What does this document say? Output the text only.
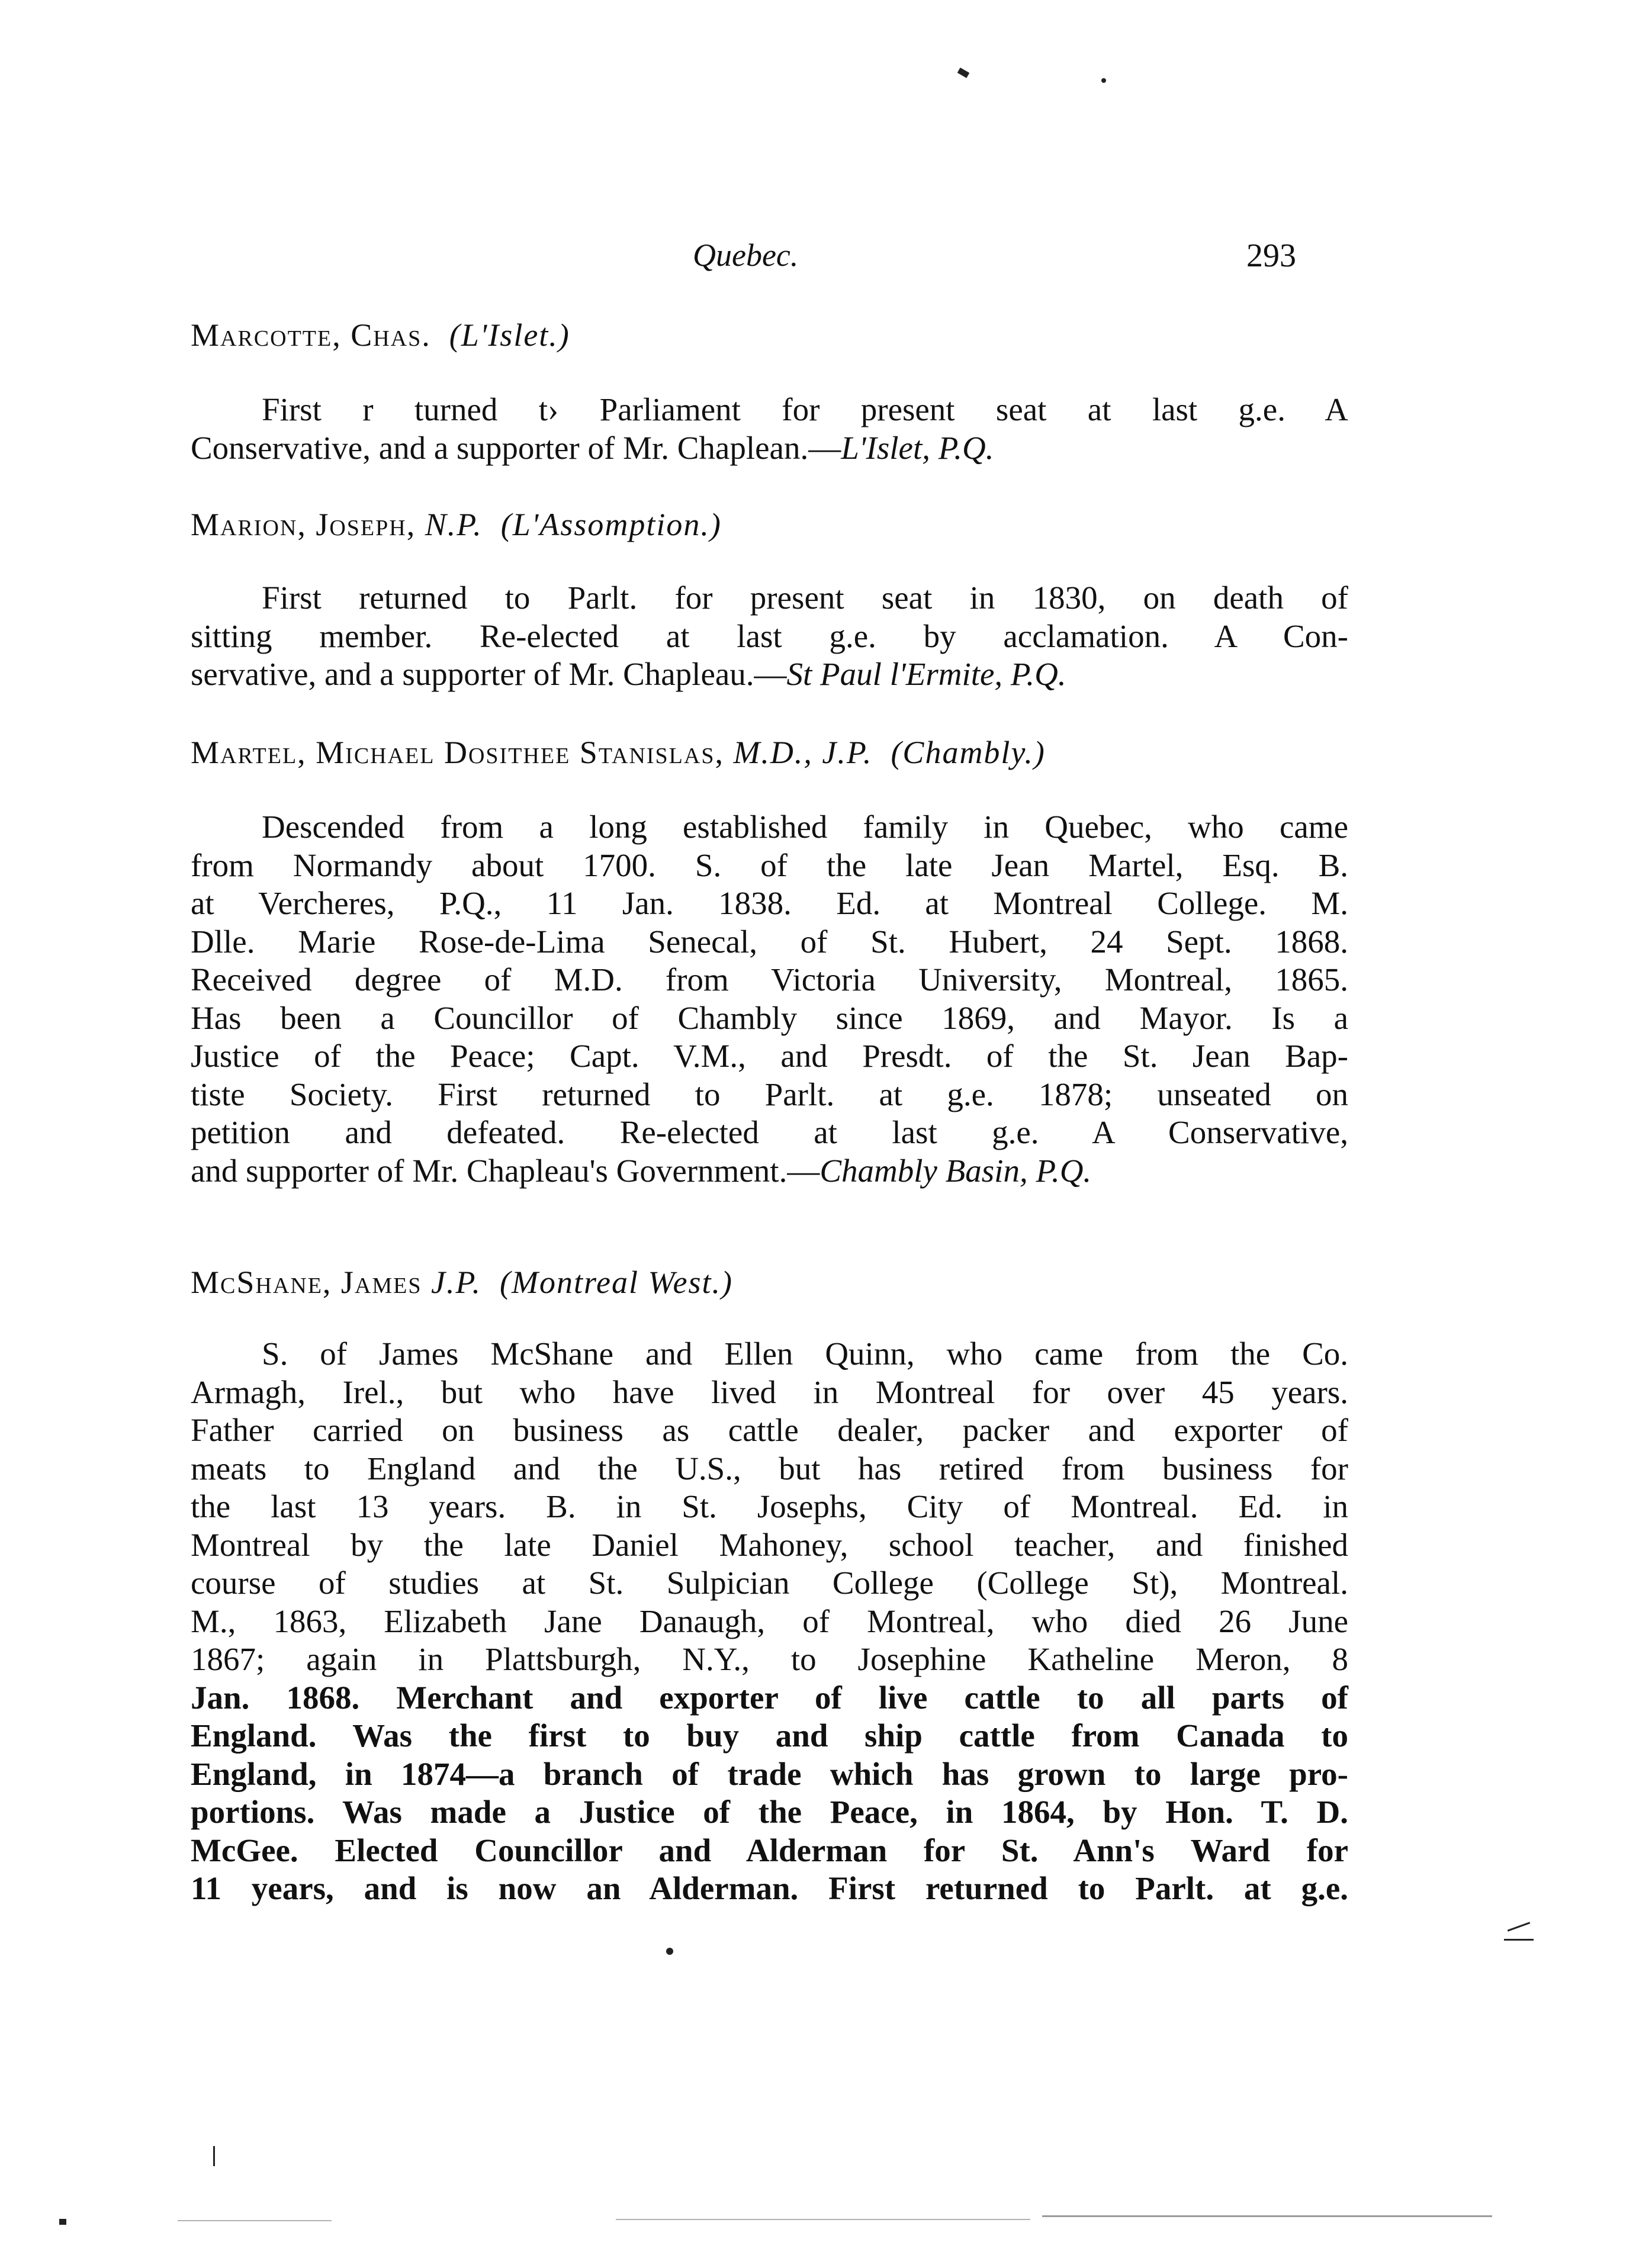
Quebec.	293
Marcotte, Chas. (L'Islet.)
First r turned t› Parliament for present seat at last g.e. A
Conservative, and a supporter of Mr. Chaplean.—L'Islet, P.Q.
Marion, Joseph, N.P. (L'Assomption.)
First returned to Parlt. for present seat in 1830, on death of
sitting member. Re-elected at last g.e. by acclamation. A Con-
servative, and a supporter of Mr. Chapleau.—St Paul l'Ermite, P.Q.
Martel, Michael Dosithee Stanislas, M.D., J.P. (Chambly.)
Descended from a long established family in Quebec, who came
from Normandy about 1700. S. of the late Jean Martel, Esq. B.
at Vercheres, P.Q., 11 Jan. 1838. Ed. at Montreal College. M.
Dlle. Marie Rose-de-Lima Senecal, of St. Hubert, 24 Sept. 1868.
Received degree of M.D. from Victoria University, Montreal, 1865.
Has been a Councillor of Chambly since 1869, and Mayor. Is a
Justice of the Peace; Capt. V.M., and Presdt. of the St. Jean Bap-
tiste Society. First returned to Parlt. at g.e. 1878; unseated on
petition and defeated. Re-elected at last g.e. A Conservative,
and supporter of Mr. Chapleau's Government.—Chambly Basin, P.Q.
McShane, James J.P. (Montreal West.)
S. of James McShane and Ellen Quinn, who came from the Co.
Armagh, Irel., but who have lived in Montreal for over 45 years.
Father carried on business as cattle dealer, packer and exporter of
meats to England and the U.S., but has retired from business for
the last 13 years. B. in St. Josephs, City of Montreal. Ed. in
Montreal by the late Daniel Mahoney, school teacher, and finished
course of studies at St. Sulpician College (College St), Montreal.
M., 1863, Elizabeth Jane Danaugh, of Montreal, who died 26 June
1867; again in Plattsburgh, N.Y., to Josephine Katheline Meron, 8
Jan. 1868. Merchant and exporter of live cattle to all parts of
England. Was the first to buy and ship cattle from Canada to
England, in 1874—a branch of trade which has grown to large pro-
portions. Was made a Justice of the Peace, in 1864, by Hon. T. D.
McGee. Elected Councillor and Alderman for St. Ann's Ward for
11 years, and is now an Alderman. First returned to Parlt. at g.e.
